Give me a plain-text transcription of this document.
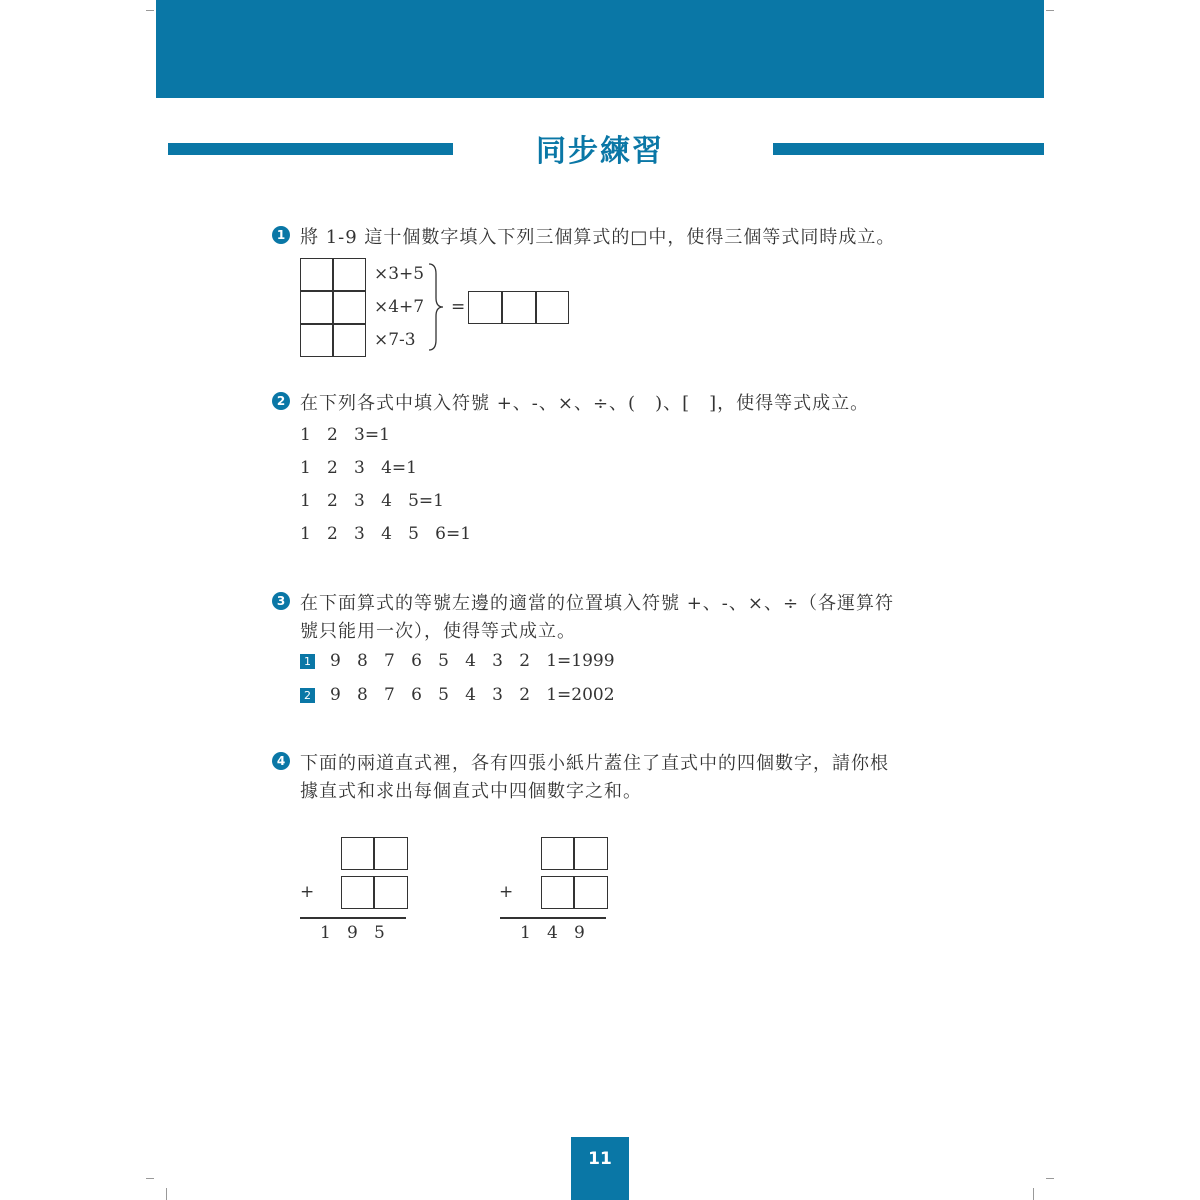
同步練習
1 將 1-9 這十個數字填入下列三個算式的□中，使得三個等式同時成立。
×3+5
×4+7
×7-3
=
2 在下列各式中填入符號 +、-、×、÷、(　)、[　]，使得等式成立。
1   2   3=1
1   2   3   4=1
1   2   3   4   5=1
1   2   3   4   5   6=1
3 在下面算式的等號左邊的適當的位置填入符號 +、-、×、÷（各運算符
號只能用一次），使得等式成立。
1 9   8   7   6   5   4   3   2   1=1999
2 9   8   7   6   5   4   3   2   1=2002
4 下面的兩道直式裡，各有四張小紙片蓋住了直式中的四個數字，請你根
據直式和求出每個直式中四個數字之和。
+
1   9   5
+
1   4   9
11
